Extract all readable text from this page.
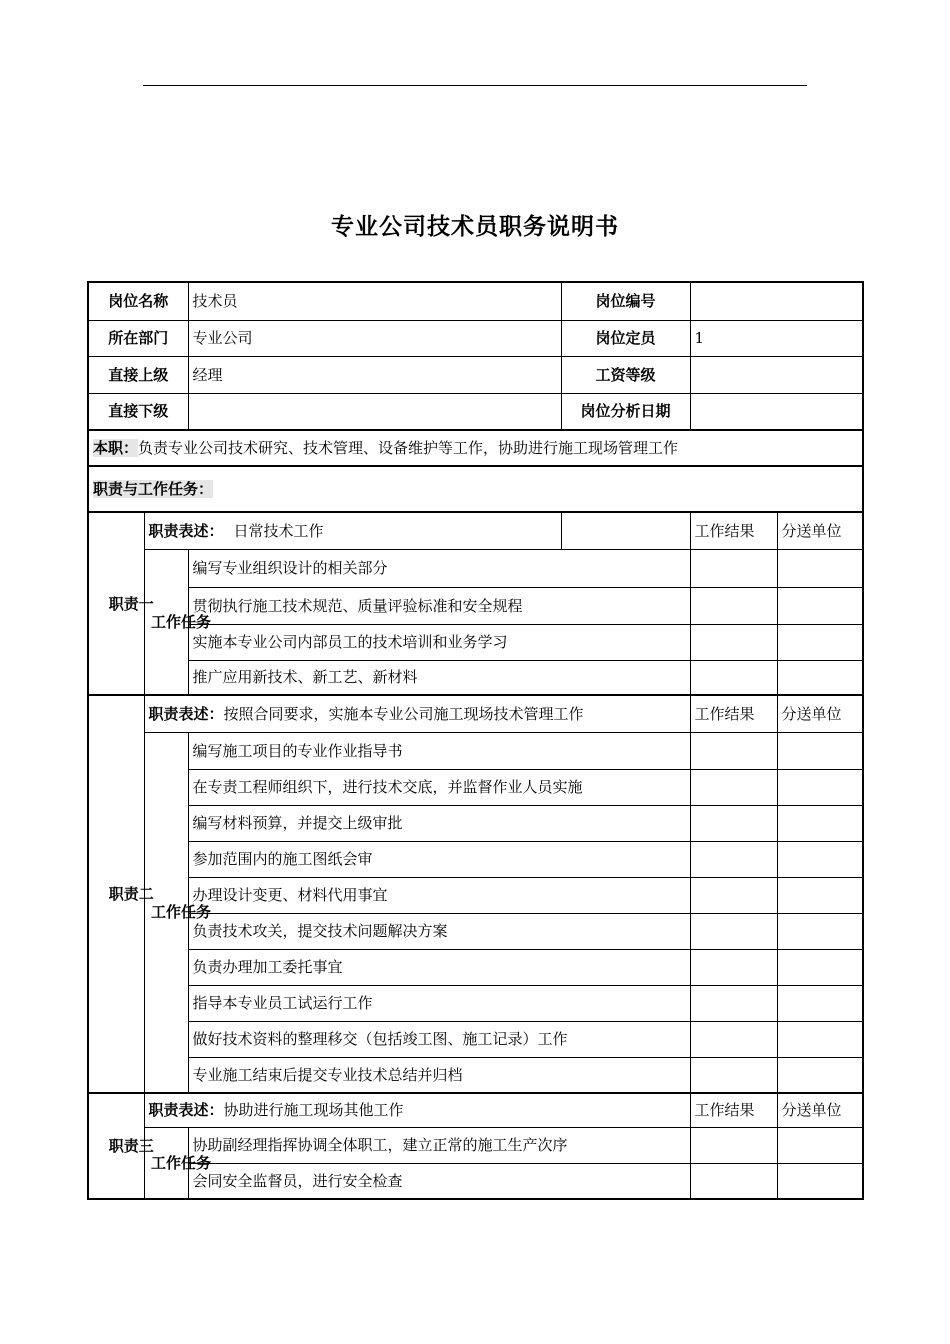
专业公司技术员职务说明书
岗位名称		技术员	岗位编号		
所在部门		专业公司	岗位定员	1	
直接上级		经理	工资等级		
直接下级			岗位分析日期		
本职：负责专业公司技术研究、技术管理、设备维护等工作，协助进行施工现场管理工作					
职责与工作任务：					

职责一	职责表述： 日常技术工作			工作结果	分送单位

	工作任务	编写专业组织设计的相关部分			
		贯彻执行施工技术规范、质量评验标准和安全规程			
		实施本专业公司内部员工的技术培训和业务学习			
		推广应用新技术、新工艺、新材料			

职责二	职责表述：按照合同要求，实施本专业公司施工现场技术管理工作			工作结果	分送单位

	工作任务	编写施工项目的专业作业指导书			
		在专责工程师组织下，进行技术交底，并监督作业人员实施			
		编写材料预算，并提交上级审批			
		参加范围内的施工图纸会审			
		办理设计变更、材料代用事宜			
		负责技术攻关，提交技术问题解决方案			
		负责办理加工委托事宜			
		指导本专业员工试运行工作			
		做好技术资料的整理移交（包括竣工图、施工记录）工作			
		专业施工结束后提交专业技术总结并归档			

职责三	职责表述：协助进行施工现场其他工作			工作结果	分送单位

	工作任务	协助副经理指挥协调全体职工，建立正常的施工生产次序			
		会同安全监督员，进行安全检查			
